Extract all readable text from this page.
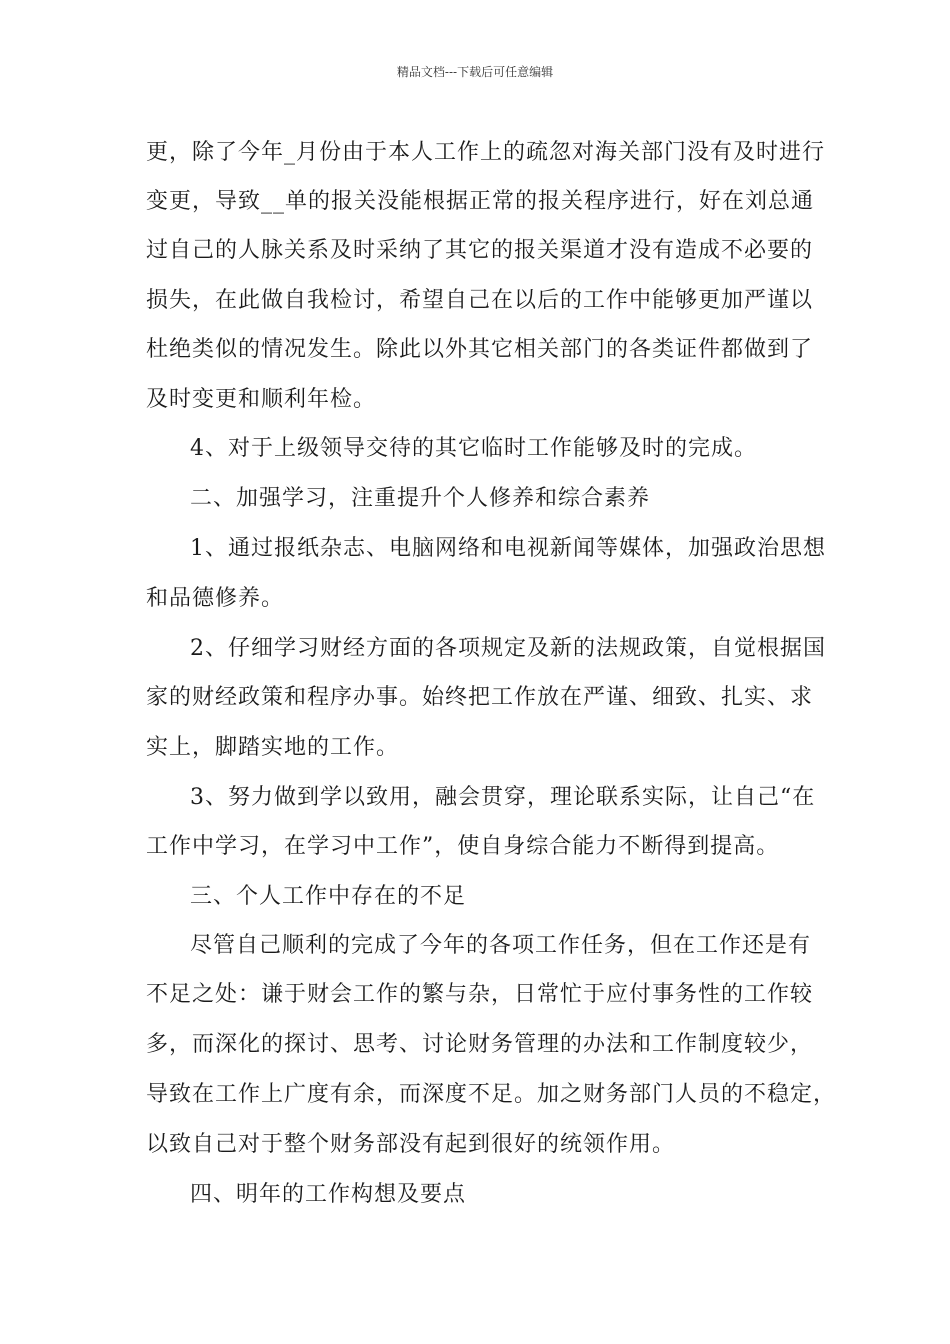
精品文档---下载后可任意编辑
更，除了今年_月份由于本人工作上的疏忽对海关部门没有及时进行
变更，导致__单的报关没能根据正常的报关程序进行，好在刘总通
过自己的人脉关系及时采纳了其它的报关渠道才没有造成不必要的
损失，在此做自我检讨，希望自己在以后的工作中能够更加严谨以
杜绝类似的情况发生。除此以外其它相关部门的各类证件都做到了
及时变更和顺利年检。
4、对于上级领导交待的其它临时工作能够及时的完成。
二、加强学习，注重提升个人修养和综合素养
1、通过报纸杂志、电脑网络和电视新闻等媒体，加强政治思想
和品德修养。
2、仔细学习财经方面的各项规定及新的法规政策，自觉根据国
家的财经政策和程序办事。始终把工作放在严谨、细致、扎实、求
实上，脚踏实地的工作。
3、努力做到学以致用，融会贯穿，理论联系实际，让自己“在
工作中学习，在学习中工作”，使自身综合能力不断得到提高。
三、个人工作中存在的不足
尽管自己顺利的完成了今年的各项工作任务，但在工作还是有
不足之处：谦于财会工作的繁与杂，日常忙于应付事务性的工作较
多，而深化的探讨、思考、讨论财务管理的办法和工作制度较少，
导致在工作上广度有余，而深度不足。加之财务部门人员的不稳定，
以致自己对于整个财务部没有起到很好的统领作用。
四、明年的工作构想及要点
